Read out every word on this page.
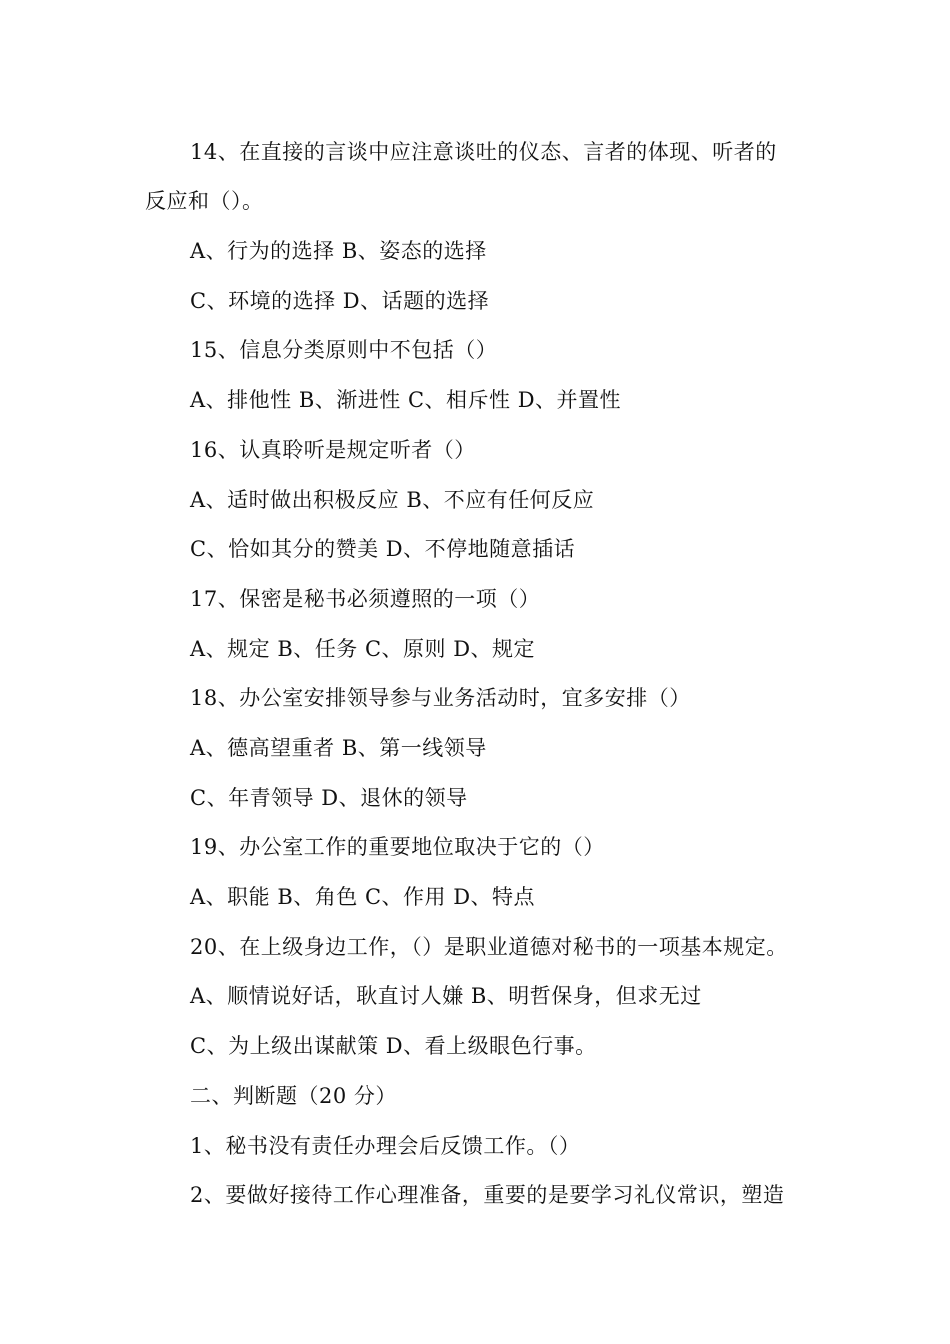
14、在直接的言谈中应注意谈吐的仪态、言者的体现、听者的
反应和（）。
A、行为的选择 B、姿态的选择
C、环境的选择 D、话题的选择
15、信息分类原则中不包括（）
A、排他性 B、渐进性 C、相斥性 D、并置性
16、认真聆听是规定听者（）
A、适时做出积极反应 B、不应有任何反应
C、恰如其分的赞美 D、不停地随意插话
17、保密是秘书必须遵照的一项（）
A、规定 B、任务 C、原则 D、规定
18、办公室安排领导参与业务活动时，宜多安排（）
A、德高望重者 B、第一线领导
C、年青领导 D、退休的领导
19、办公室工作的重要地位取决于它的（）
A、职能 B、角色 C、作用 D、特点
20、在上级身边工作，（）是职业道德对秘书的一项基本规定。
A、顺情说好话，耿直讨人嫌 B、明哲保身，但求无过
C、为上级出谋献策 D、看上级眼色行事。
二、判断题（20 分）
1、秘书没有责任办理会后反馈工作。（）
2、要做好接待工作心理准备，重要的是要学习礼仪常识，塑造
